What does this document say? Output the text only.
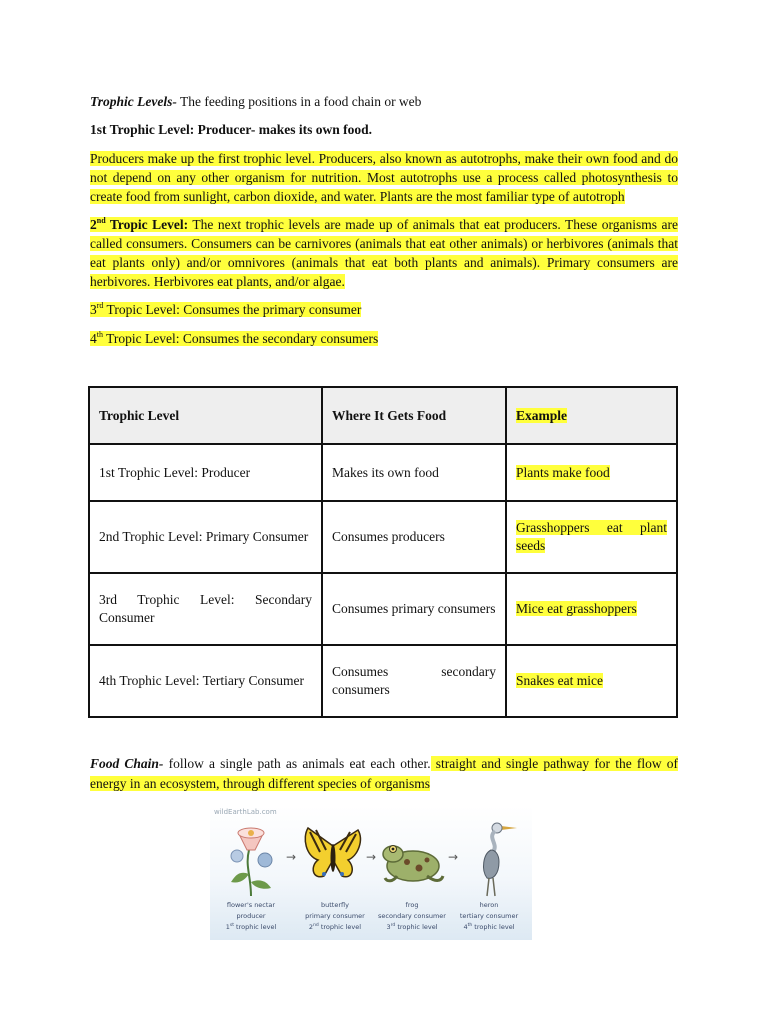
Trophic Levels- The feeding positions in a food chain or web

1st Trophic Level: Producer- makes its own food.

Producers make up the first trophic level. Producers, also known as autotrophs, make their own food and do not depend on any other organism for nutrition. Most autotrophs use a process called photosynthesis to create food from sunlight, carbon dioxide, and water. Plants are the most familiar type of autotroph

2nd Tropic Level: The next trophic levels are made up of animals that eat producers. These organisms are called consumers. Consumers can be carnivores (animals that eat other animals) or herbivores (animals that eat plants only) and/or omnivores (animals that eat both plants and animals). Primary consumers are herbivores. Herbivores eat plants, and/or algae.

3rd Tropic Level: Consumes the primary consumer

4th Tropic Level: Consumes the secondary consumers

Trophic Level	Where It Gets Food	Example
1st Trophic Level: Producer	Makes its own food	Plants make food
2nd Trophic Level: Primary Consumer	Consumes producers	Grasshoppers eat plant seeds
3rd Trophic Level: Secondary Consumer	Consumes primary consumers	Mice eat grasshoppers
4th Trophic Level: Tertiary Consumer	Consumes secondary consumers	Snakes eat mice

Food Chain- follow a single path as animals eat each other. straight and single pathway for the flow of energy in an ecosystem, through different species of organisms

wildEarthLab.com
→	→	→
flower's nectar
producer
1st trophic level
butterfly
primary consumer
2nd trophic level
frog
secondary consumer
3rd trophic level
heron
tertiary consumer
4th trophic level
